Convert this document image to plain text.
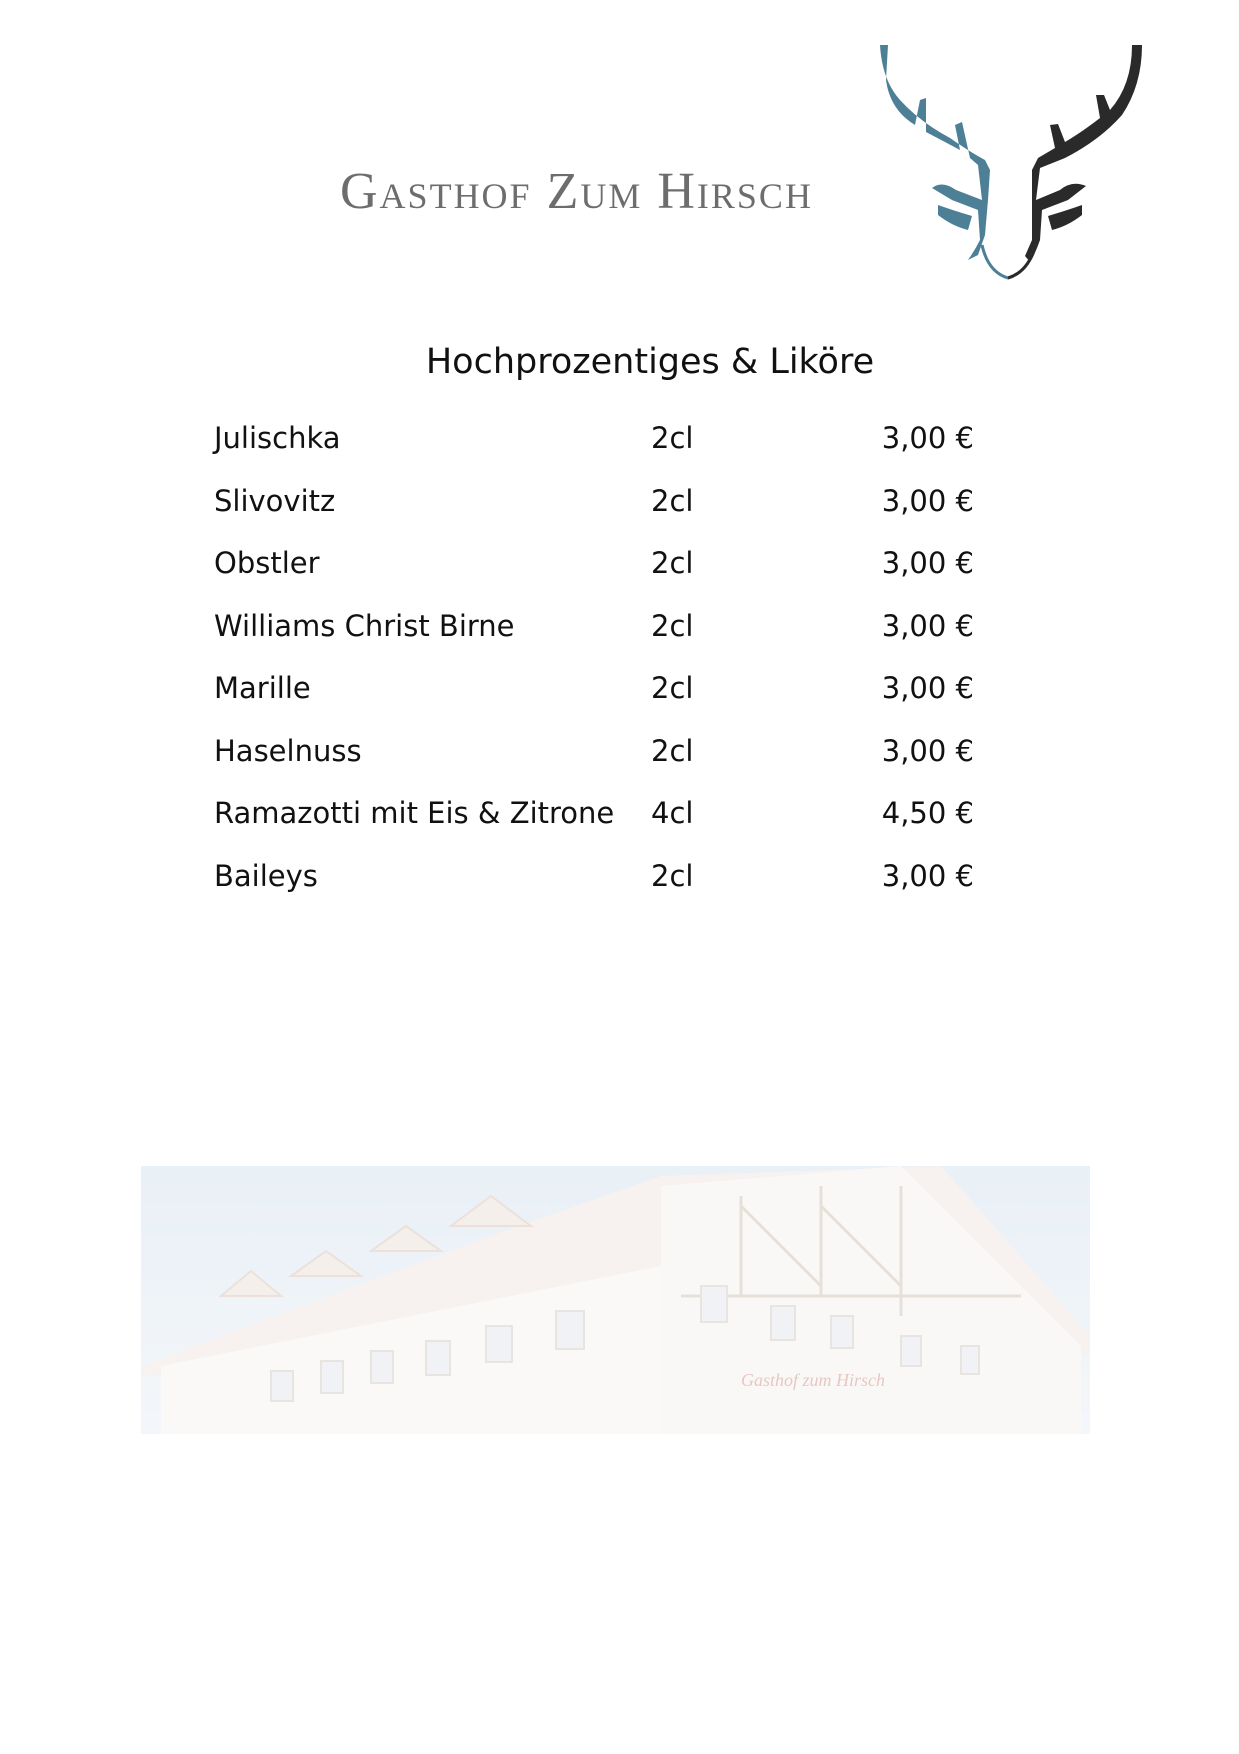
Gasthof Zum Hirsch
Hochprozentiges & Liköre
Julischka	2cl	3,00 €
Slivovitz	2cl	3,00 €
Obstler	2cl	3,00 €
Williams Christ Birne	2cl	3,00 €
Marille	2cl	3,00 €
Haselnuss	2cl	3,00 €
Ramazotti mit Eis & Zitrone 4cl	4,50 €
Baileys	2cl	3,00 €
Gasthof zum Hirsch
